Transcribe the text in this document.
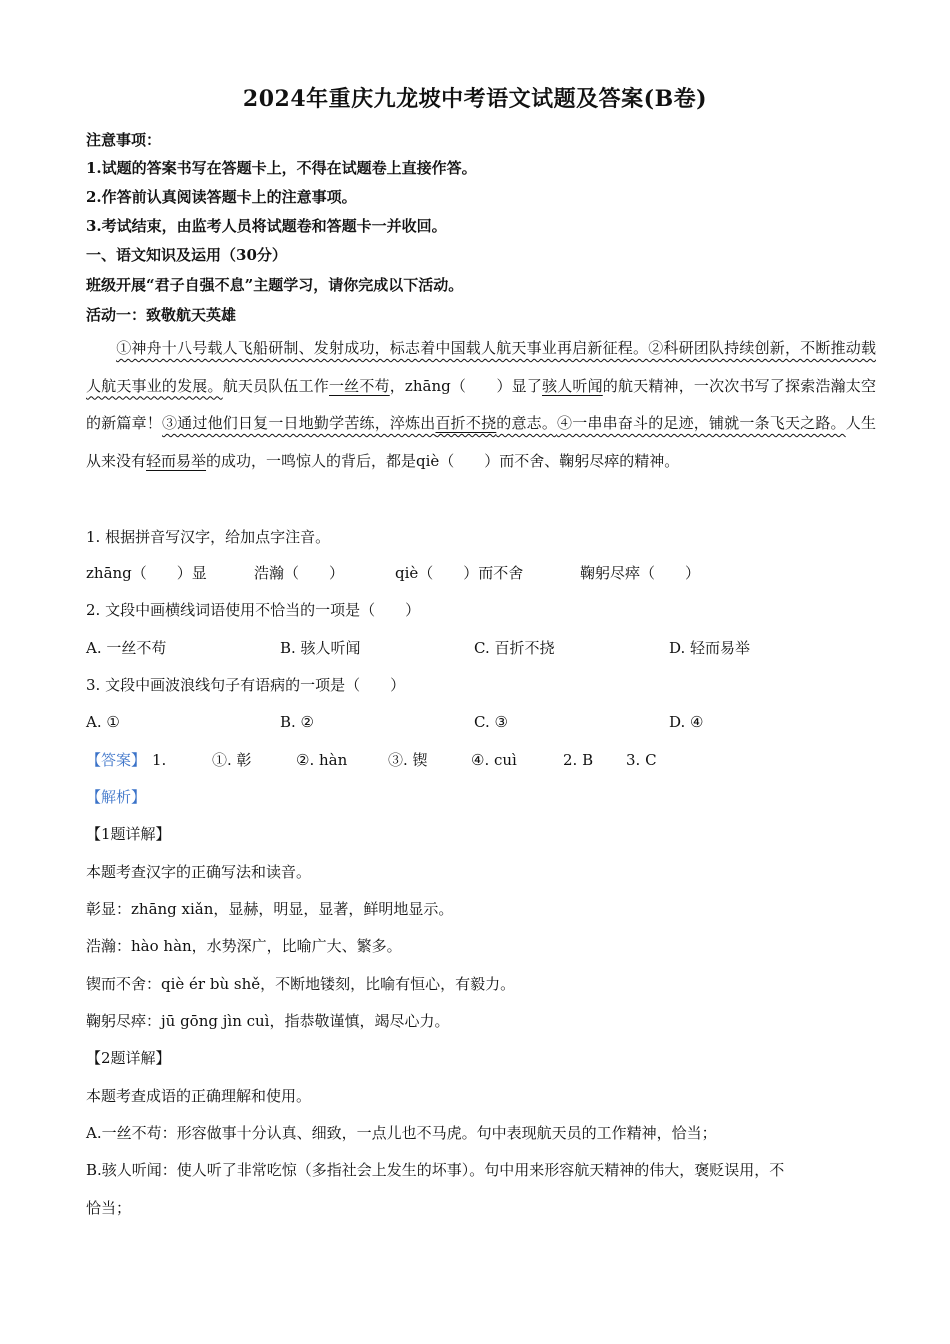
2024年重庆九龙坡中考语文试题及答案(B卷)
注意事项：
1.试题的答案书写在答题卡上，不得在试题卷上直接作答。
2.作答前认真阅读答题卡上的注意事项。
3.考试结束，由监考人员将试题卷和答题卡一并收回。
一、语文知识及运用（30分）
班级开展“君子自强不息”主题学习，请你完成以下活动。
活动一：致敬航天英雄
①神舟十八号载人飞船研制、发射成功，标志着中国载人航天事业再启新征程。②科研团队持续创新，不断推动载人航天事业的发展。航天员队伍工作一丝不苟，zhāng（　　）显了骇人听闻的航天精神，一次次书写了探索浩瀚太空的新篇章！③通过他们日复一日地勤学苦练，淬炼出百折不挠的意志。④一串串奋斗的足迹，铺就一条飞天之路。人生从来没有轻而易举的成功，一鸣惊人的背后，都是qiè（　　）而不舍、鞠躬尽瘁的精神。
1. 根据拼音写汉字，给加点字注音。
zhāng（　　）显	浩瀚（　　）	qiè（　　）而不舍	鞠躬尽瘁（　　）
2. 文段中画横线词语使用不恰当的一项是（　　）
A. 一丝不苟	B. 骇人听闻	C. 百折不挠	D. 轻而易举
3. 文段中画波浪线句子有语病的一项是（　　）
A. ①	B. ②	C. ③	D. ④
【答案】 1.	①. 彰	②. hàn	③. 锲	④. cuì	2. B 3. C
【解析】
【1题详解】
本题考查汉字的正确写法和读音。
彰显：zhāng xiǎn，显赫，明显，显著，鲜明地显示。
浩瀚：hào hàn，水势深广，比喻广大、繁多。
锲而不舍：qiè ér bù shě，不断地镂刻，比喻有恒心，有毅力。
鞠躬尽瘁：jū gōng jìn cuì，指恭敬谨慎，竭尽心力。
【2题详解】
本题考查成语的正确理解和使用。
A.一丝不苟：形容做事十分认真、细致，一点儿也不马虎。句中表现航天员的工作精神，恰当；
B.骇人听闻：使人听了非常吃惊（多指社会上发生的坏事）。句中用来形容航天精神的伟大，褒贬误用，不
恰当；
